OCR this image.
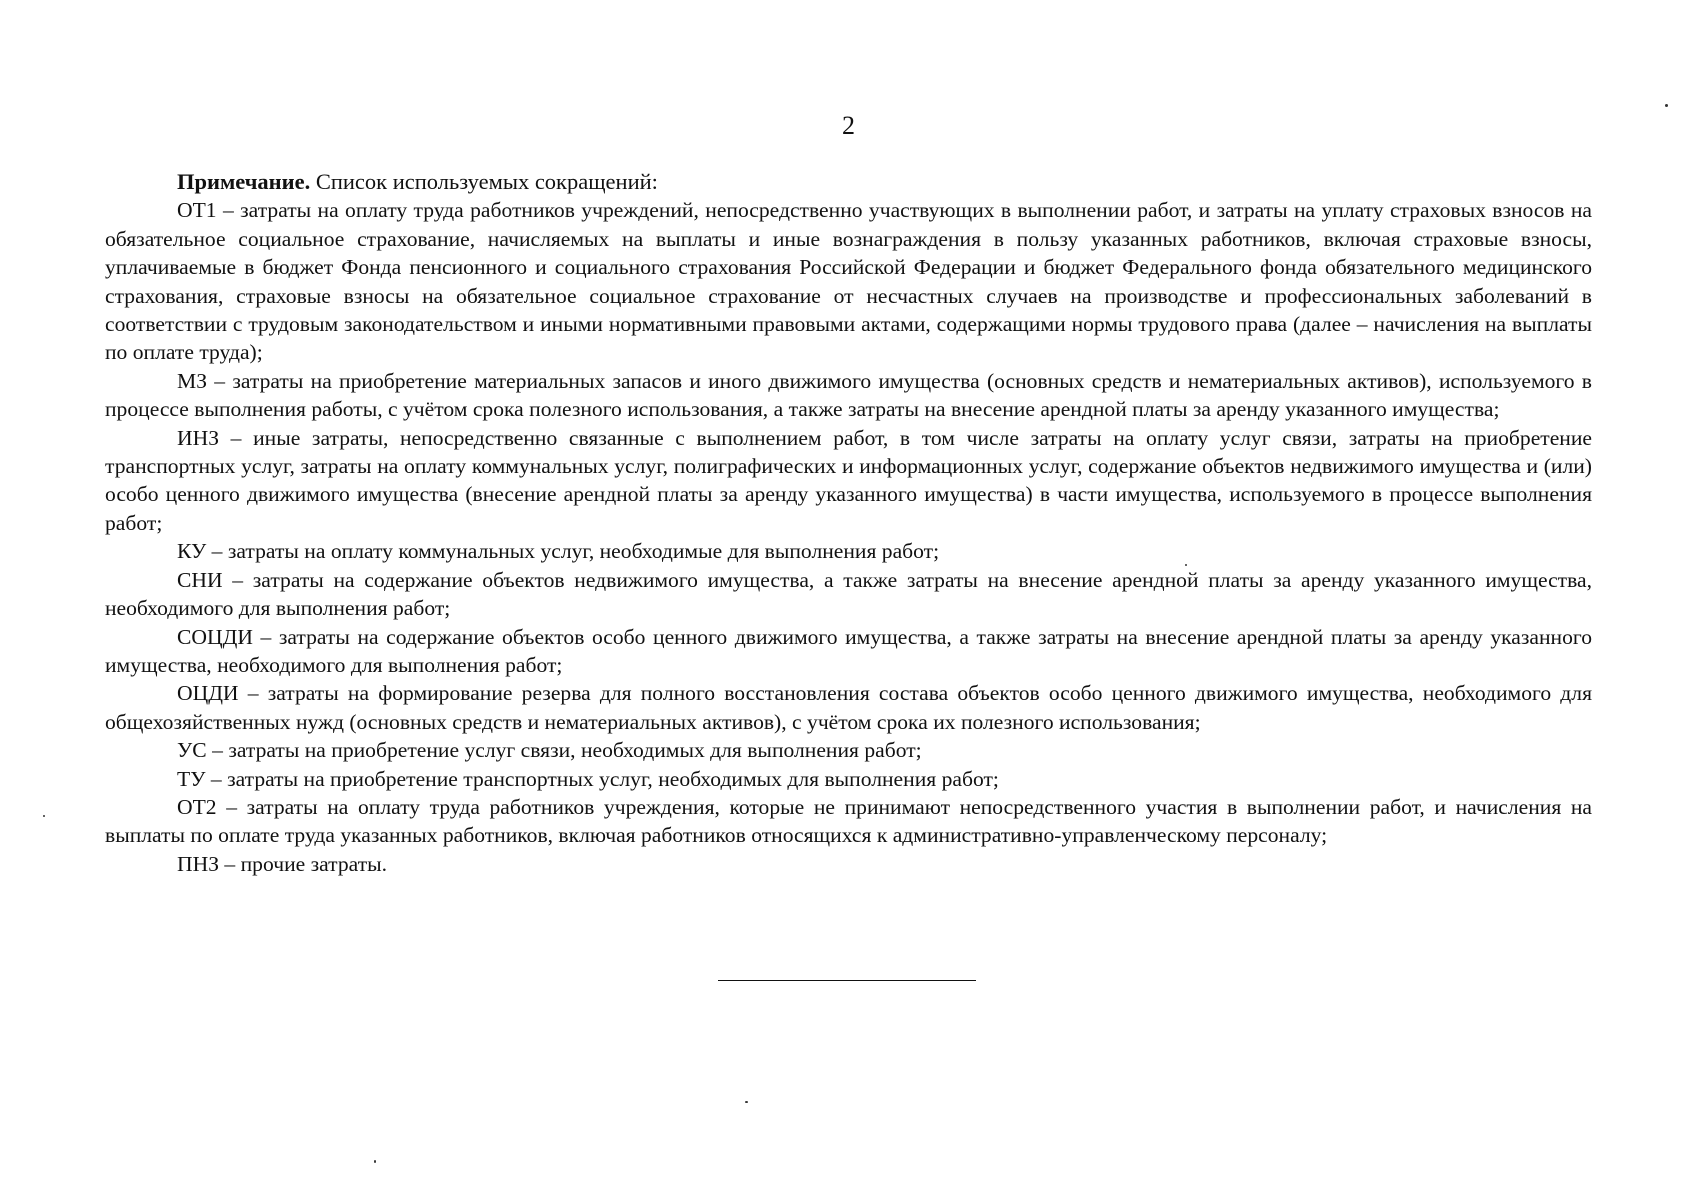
2

Примечание. Список используемых сокращений:

ОТ1 – затраты на оплату труда работников учреждений, непосредственно участвующих в выполнении работ, и затраты на уплату страховых взносов на обязательное социальное страхование, начисляемых на выплаты и иные вознаграждения в пользу указанных работников, включая страховые взносы, уплачиваемые в бюджет Фонда пенсионного и социального страхования Российской Федерации и бюджет Федерального фонда обязательного медицинского страхования, страховые взносы на обязательное социальное страхование от несчастных случаев на производстве и профессиональных заболеваний в соответствии с трудовым законодательством и иными нормативными правовыми актами, содержащими нормы трудового права (далее – начисления на выплаты по оплате труда);

МЗ – затраты на приобретение материальных запасов и иного движимого имущества (основных средств и нематериальных активов), используемого в процессе выполнения работы, с учётом срока полезного использования, а также затраты на внесение арендной платы за аренду указанного имущества;

ИНЗ – иные затраты, непосредственно связанные с выполнением работ, в том числе затраты на оплату услуг связи, затраты на приобретение транспортных услуг, затраты на оплату коммунальных услуг, полиграфических и информационных услуг, содержание объектов недвижимого имущества и (или) особо ценного движимого имущества (внесение арендной платы за аренду указанного имущества) в части имущества, используемого в процессе выполнения работ;

КУ – затраты на оплату коммунальных услуг, необходимые для выполнения работ;

СНИ – затраты на содержание объектов недвижимого имущества, а также затраты на внесение арендной платы за аренду указанного имущества, необходимого для выполнения работ;

СОЦДИ – затраты на содержание объектов особо ценного движимого имущества, а также затраты на внесение арендной платы за аренду указанного имущества, необходимого для выполнения работ;

ОЦДИ – затраты на формирование резерва для полного восстановления состава объектов особо ценного движимого имущества, необходимого для общехозяйственных нужд (основных средств и нематериальных активов), с учётом срока их полезного использования;

УС – затраты на приобретение услуг связи, необходимых для выполнения работ;

ТУ – затраты на приобретение транспортных услуг, необходимых для выполнения работ;

ОТ2 – затраты на оплату труда работников учреждения, которые не принимают непосредственного участия в выполнении работ, и начисления на выплаты по оплате труда указанных работников, включая работников относящихся к административно-управленческому персоналу;

ПНЗ – прочие затраты.
